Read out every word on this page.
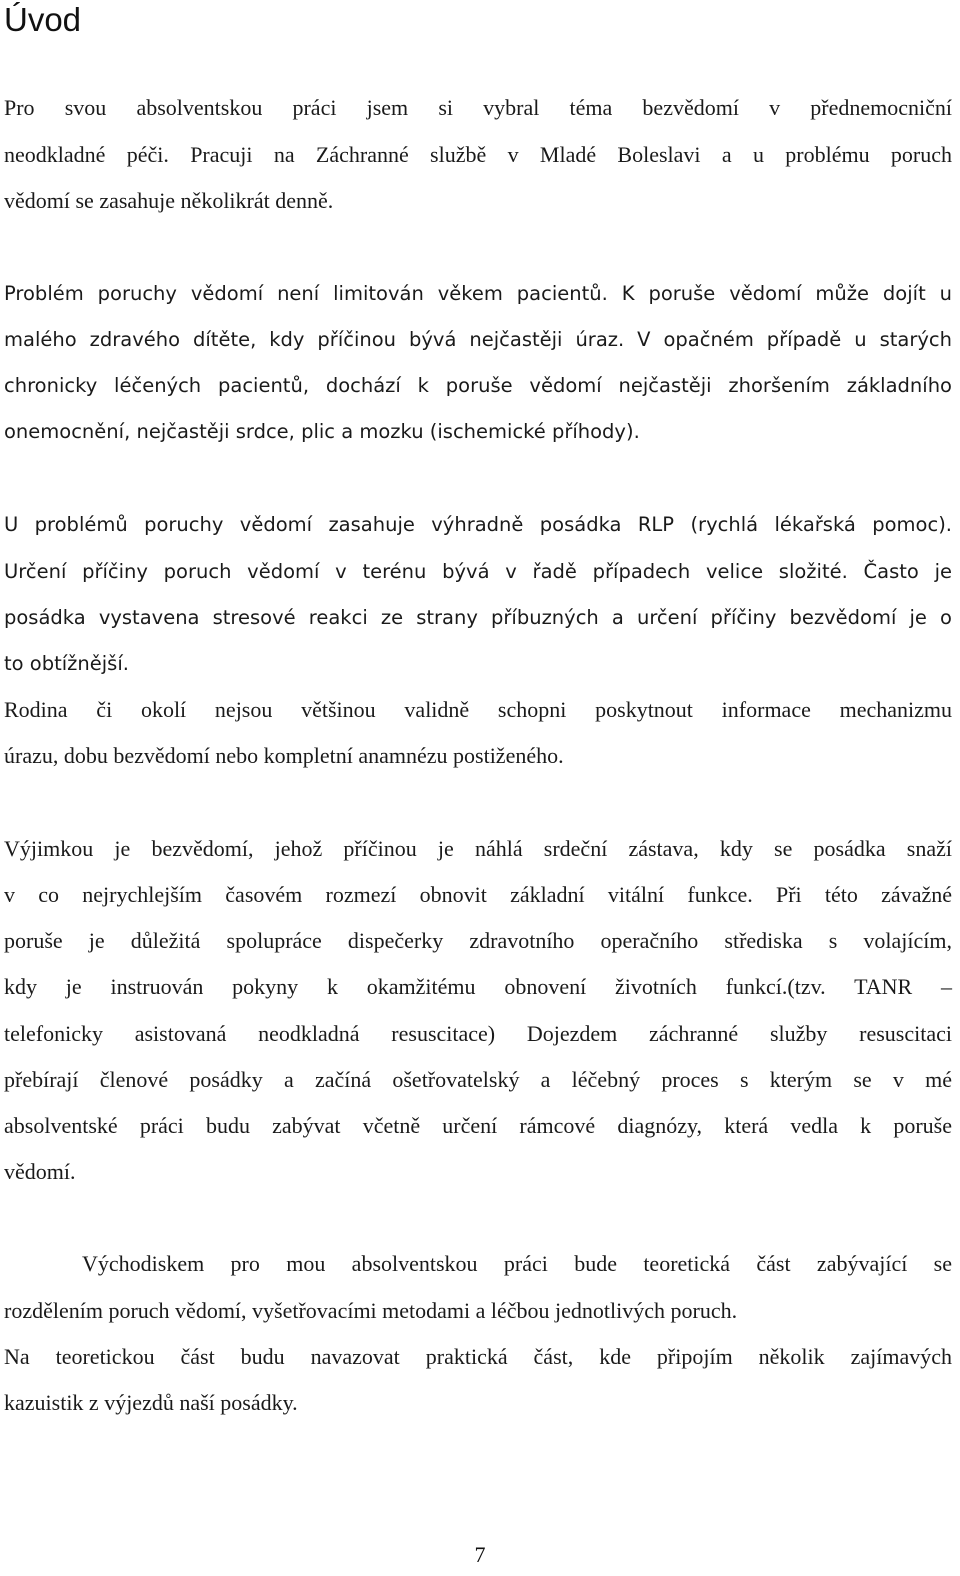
Úvod
Pro svou absolventskou práci jsem si vybral téma bezvědomí v přednemocniční
neodkladné péči. Pracuji na Záchranné službě v Mladé Boleslavi a u problému poruch
vědomí se zasahuje několikrát denně.
Problém poruchy vědomí není limitován věkem pacientů. K poruše vědomí může dojít u
malého zdravého dítěte, kdy příčinou bývá nejčastěji úraz. V opačném případě u starých
chronicky léčených pacientů, dochází k poruše vědomí nejčastěji zhoršením základního
onemocnění, nejčastěji srdce, plic a mozku (ischemické příhody).
U problémů poruchy vědomí zasahuje výhradně posádka RLP (rychlá lékařská pomoc).
Určení příčiny poruch vědomí v terénu bývá v řadě případech velice složité. Často je
posádka vystavena stresové reakci ze strany příbuzných a určení příčiny bezvědomí je o
to obtížnější.
Rodina či okolí nejsou většinou validně schopni poskytnout informace mechanizmu
úrazu, dobu bezvědomí nebo kompletní anamnézu postiženého.
Výjimkou je bezvědomí, jehož příčinou je náhlá srdeční zástava, kdy se posádka snaží
v co nejrychlejším časovém rozmezí obnovit základní vitální funkce. Při této závažné
poruše je důležitá spolupráce dispečerky zdravotního operačního střediska s volajícím,
kdy je instruován pokyny k okamžitému obnovení životních funkcí.(tzv. TANR –
telefonicky asistovaná neodkladná resuscitace) Dojezdem záchranné služby resuscitaci
přebírají členové posádky a začíná ošetřovatelský a léčebný proces s kterým se v mé
absolventské práci budu zabývat včetně určení rámcové diagnózy, která vedla k poruše
vědomí.
Východiskem pro mou absolventskou práci bude teoretická část zabývající se
rozdělením poruch vědomí, vyšetřovacími metodami a léčbou jednotlivých poruch.
Na teoretickou část budu navazovat praktická část, kde připojím několik zajímavých
kazuistik z výjezdů naší posádky.
7
